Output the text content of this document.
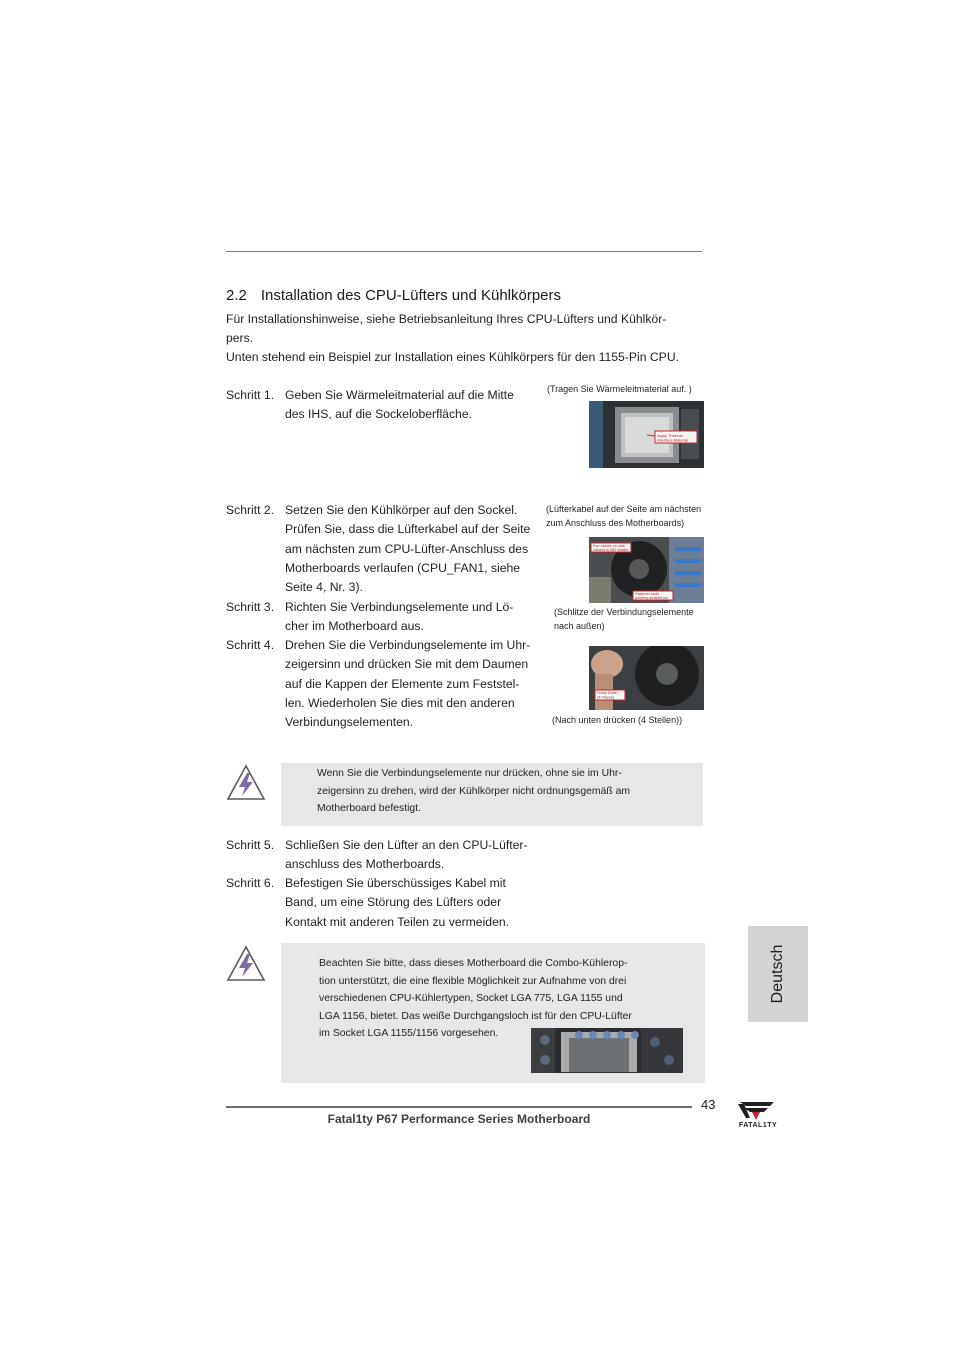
2.2 Installation des CPU-Lüfters und Kühlkörpers

Für Installationshinweise, siehe Betriebsanleitung Ihres CPU-Lüfters und Kühlkör-

pers.

Unten stehend ein Beispiel zur Installation eines Kühlkörpers für den 1155-Pin CPU.

Schritt 1. Geben Sie Wärmeleitmaterial auf die Mitte
des IHS, auf die Sockeloberfläche.
Schritt 2. Setzen Sie den Kühlkörper auf den Sockel.
Prüfen Sie, dass die Lüfterkabel auf der Seite
am nächsten zum CPU-Lüfter-Anschluss des
Motherboards verlaufen (CPU_FAN1, siehe
Seite 4, Nr. 3).
Schritt 3. Richten Sie Verbindungselemente und Lö-
cher im Motherboard aus.
Schritt 4. Drehen Sie die Verbindungselemente im Uhr-
zeigersinn und drücken Sie mit dem Daumen
auf die Kappen der Elemente zum Feststel-
len. Wiederholen Sie dies mit den anderen
Verbindungselementen.
(Tragen Sie Wärmeleitmaterial auf. )
Apply Thermal
Interface Material
(Lüfterkabel auf der Seite am nächsten
zum Anschluss des Motherboards)
Fan cables on side
closest to MB header
Fastener slots
pointing straight out
(Schlitze der Verbindungselemente
nach außen)
Press Down
(4 Places)
(Nach unten drücken (4 Stellen))
Wenn Sie die Verbindungselemente nur drücken, ohne sie im Uhr-
zeigersinn zu drehen, wird der Kühlkörper nicht ordnungsgemäß am
Motherboard befestigt.
Schritt 5. Schließen Sie den Lüfter an den CPU-Lüfter-
anschluss des Motherboards.
Schritt 6. Befestigen Sie überschüssiges Kabel mit
Band, um eine Störung des Lüfters oder
Kontakt mit anderen Teilen zu vermeiden.
Beachten Sie bitte, dass dieses Motherboard die Combo-Kühlerop-
tion unterstützt, die eine flexible Möglichkeit zur Aufnahme von drei
verschiedenen CPU-Kühlertypen, Socket LGA 775, LGA 1155 und
LGA 1156, bietet. Das weiße Durchgangsloch ist für den CPU-Lüfter
im Socket LGA 1155/1156 vorgesehen.
Deutsch
43
Fatal1ty P67 Performance Series Motherboard	FATAL1TY
